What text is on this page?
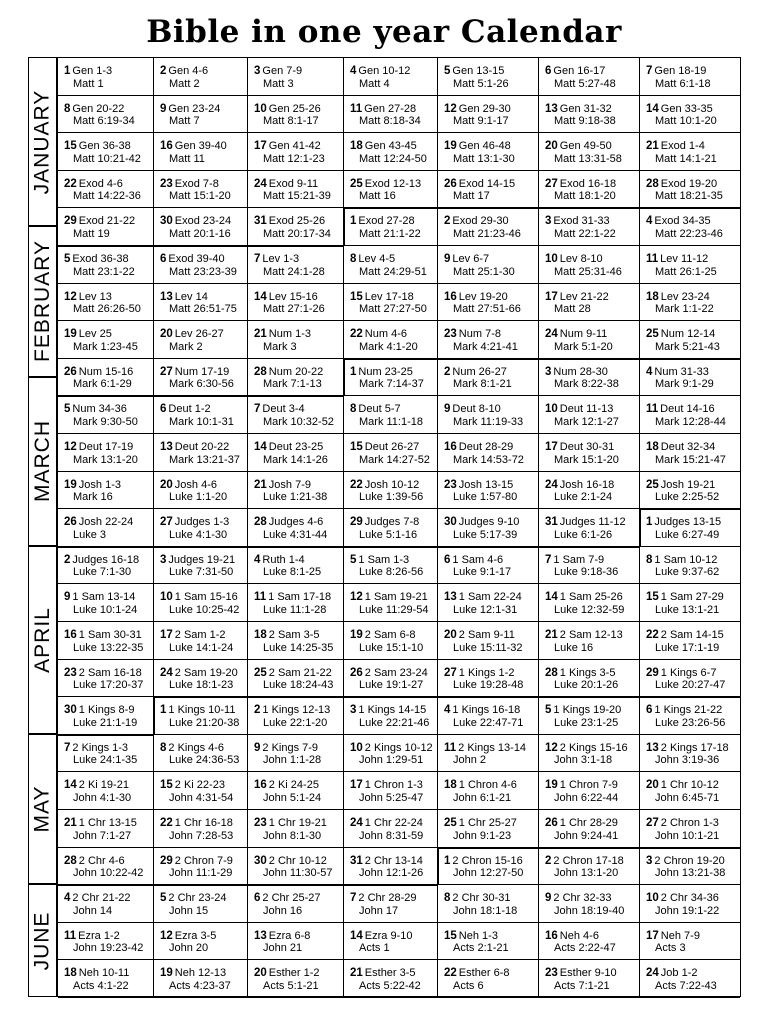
Bible in one year Calendar
JANUARY
FEBRUARY
MARCH
APRIL
MAY
JUNE
1 Gen 1-3
Matt 1
2 Gen 4-6
Matt 2
3 Gen 7-9
Matt 3
4 Gen 10-12
Matt 4
5 Gen 13-15
Matt 5:1-26
6 Gen 16-17
Matt 5:27-48
7 Gen 18-19
Matt 6:1-18
8 Gen 20-22
Matt 6:19-34
9 Gen 23-24
Matt 7
10 Gen 25-26
Matt 8:1-17
11 Gen 27-28
Matt 8:18-34
12 Gen 29-30
Matt 9:1-17
13 Gen 31-32
Matt 9:18-38
14 Gen 33-35
Matt 10:1-20
15 Gen 36-38
Matt 10:21-42
16 Gen 39-40
Matt 11
17 Gen 41-42
Matt 12:1-23
18 Gen 43-45
Matt 12:24-50
19 Gen 46-48
Matt 13:1-30
20 Gen 49-50
Matt 13:31-58
21 Exod 1-4
Matt 14:1-21
22 Exod 4-6
Matt 14:22-36
23 Exod 7-8
Matt 15:1-20
24 Exod 9-11
Matt 15:21-39
25 Exod 12-13
Matt 16
26 Exod 14-15
Matt 17
27 Exod 16-18
Matt 18:1-20
28 Exod 19-20
Matt 18:21-35
29 Exod 21-22
Matt 19
30 Exod 23-24
Matt 20:1-16
31 Exod 25-26
Matt 20:17-34
1 Exod 27-28
Matt 21:1-22
2 Exod 29-30
Matt 21:23-46
3 Exod 31-33
Matt 22:1-22
4 Exod 34-35
Matt 22:23-46
5 Exod 36-38
Matt 23:1-22
6 Exod 39-40
Matt 23:23-39
7 Lev 1-3
Matt 24:1-28
8 Lev 4-5
Matt 24:29-51
9 Lev 6-7
Matt 25:1-30
10 Lev 8-10
Matt 25:31-46
11 Lev 11-12
Matt 26:1-25
12 Lev 13
Matt 26:26-50
13 Lev 14
Matt 26:51-75
14 Lev 15-16
Matt 27:1-26
15 Lev 17-18
Matt 27:27-50
16 Lev 19-20
Matt 27:51-66
17 Lev 21-22
Matt 28
18 Lev 23-24
Mark 1:1-22
19 Lev 25
Mark 1:23-45
20 Lev 26-27
Mark 2
21 Num 1-3
Mark 3
22 Num 4-6
Mark 4:1-20
23 Num 7-8
Mark 4:21-41
24 Num 9-11
Mark 5:1-20
25 Num 12-14
Mark 5:21-43
26 Num 15-16
Mark 6:1-29
27 Num 17-19
Mark 6:30-56
28 Num 20-22
Mark 7:1-13
1 Num 23-25
Mark 7:14-37
2 Num 26-27
Mark 8:1-21
3 Num 28-30
Mark 8:22-38
4 Num 31-33
Mark 9:1-29
5 Num 34-36
Mark 9:30-50
6 Deut 1-2
Mark 10:1-31
7 Deut 3-4
Mark 10:32-52
8 Deut 5-7
Mark 11:1-18
9 Deut 8-10
Mark 11:19-33
10 Deut 11-13
Mark 12:1-27
11 Deut 14-16
Mark 12:28-44
12 Deut 17-19
Mark 13:1-20
13 Deut 20-22
Mark 13:21-37
14 Deut 23-25
Mark 14:1-26
15 Deut 26-27
Mark 14:27-52
16 Deut 28-29
Mark 14:53-72
17 Deut 30-31
Mark 15:1-20
18 Deut 32-34
Mark 15:21-47
19 Josh 1-3
Mark 16
20 Josh 4-6
Luke 1:1-20
21 Josh 7-9
Luke 1:21-38
22 Josh 10-12
Luke 1:39-56
23 Josh 13-15
Luke 1:57-80
24 Josh 16-18
Luke 2:1-24
25 Josh 19-21
Luke 2:25-52
26 Josh 22-24
Luke 3
27 Judges 1-3
Luke 4:1-30
28 Judges 4-6
Luke 4:31-44
29 Judges 7-8
Luke 5:1-16
30 Judges 9-10
Luke 5:17-39
31 Judges 11-12
Luke 6:1-26
1 Judges 13-15
Luke 6:27-49
2 Judges 16-18
Luke 7:1-30
3 Judges 19-21
Luke 7:31-50
4 Ruth 1-4
Luke 8:1-25
5 1 Sam 1-3
Luke 8:26-56
6 1 Sam 4-6
Luke 9:1-17
7 1 Sam 7-9
Luke 9:18-36
8 1 Sam 10-12
Luke 9:37-62
9 1 Sam 13-14
Luke 10:1-24
10 1 Sam 15-16
Luke 10:25-42
11 1 Sam 17-18
Luke 11:1-28
12 1 Sam 19-21
Luke 11:29-54
13 1 Sam 22-24
Luke 12:1-31
14 1 Sam 25-26
Luke 12:32-59
15 1 Sam 27-29
Luke 13:1-21
16 1 Sam 30-31
Luke 13:22-35
17 2 Sam 1-2
Luke 14:1-24
18 2 Sam 3-5
Luke 14:25-35
19 2 Sam 6-8
Luke 15:1-10
20 2 Sam 9-11
Luke 15:11-32
21 2 Sam 12-13
Luke 16
22 2 Sam 14-15
Luke 17:1-19
23 2 Sam 16-18
Luke 17:20-37
24 2 Sam 19-20
Luke 18:1-23
25 2 Sam 21-22
Luke 18:24-43
26 2 Sam 23-24
Luke 19:1-27
27 1 Kings 1-2
Luke 19:28-48
28 1 Kings 3-5
Luke 20:1-26
29 1 Kings 6-7
Luke 20:27-47
30 1 Kings 8-9
Luke 21:1-19
1 1 Kings 10-11
Luke 21:20-38
2 1 Kings 12-13
Luke 22:1-20
3 1 Kings 14-15
Luke 22:21-46
4 1 Kings 16-18
Luke 22:47-71
5 1 Kings 19-20
Luke 23:1-25
6 1 Kings 21-22
Luke 23:26-56
7 2 Kings 1-3
Luke 24:1-35
8 2 Kings 4-6
Luke 24:36-53
9 2 Kings 7-9
John 1:1-28
10 2 Kings 10-12
John 1:29-51
11 2 Kings 13-14
John 2
12 2 Kings 15-16
John 3:1-18
13 2 Kings 17-18
John 3:19-36
14 2 Ki 19-21
John 4:1-30
15 2 Ki 22-23
John 4:31-54
16 2 Ki 24-25
John 5:1-24
17 1 Chron 1-3
John 5:25-47
18 1 Chron 4-6
John 6:1-21
19 1 Chron 7-9
John 6:22-44
20 1 Chr 10-12
John 6:45-71
21 1 Chr 13-15
John 7:1-27
22 1 Chr 16-18
John 7:28-53
23 1 Chr 19-21
John 8:1-30
24 1 Chr 22-24
John 8:31-59
25 1 Chr 25-27
John 9:1-23
26 1 Chr 28-29
John 9:24-41
27 2 Chron 1-3
John 10:1-21
28 2 Chr 4-6
John 10:22-42
29 2 Chron 7-9
John 11:1-29
30 2 Chr 10-12
John 11:30-57
31 2 Chr 13-14
John 12:1-26
1 2 Chron 15-16
John 12:27-50
2 2 Chron 17-18
John 13:1-20
3 2 Chron 19-20
John 13:21-38
4 2 Chr 21-22
John 14
5 2 Chr 23-24
John 15
6 2 Chr 25-27
John 16
7 2 Chr 28-29
John 17
8 2 Chr 30-31
John 18:1-18
9 2 Chr 32-33
John 18:19-40
10 2 Chr 34-36
John 19:1-22
11 Ezra 1-2
John 19:23-42
12 Ezra 3-5
John 20
13 Ezra 6-8
John 21
14 Ezra 9-10
Acts 1
15 Neh 1-3
Acts 2:1-21
16 Neh 4-6
Acts 2:22-47
17 Neh 7-9
Acts 3
18 Neh 10-11
Acts 4:1-22
19 Neh 12-13
Acts 4:23-37
20 Esther 1-2
Acts 5:1-21
21 Esther 3-5
Acts 5:22-42
22 Esther 6-8
Acts 6
23 Esther 9-10
Acts 7:1-21
24 Job 1-2
Acts 7:22-43
